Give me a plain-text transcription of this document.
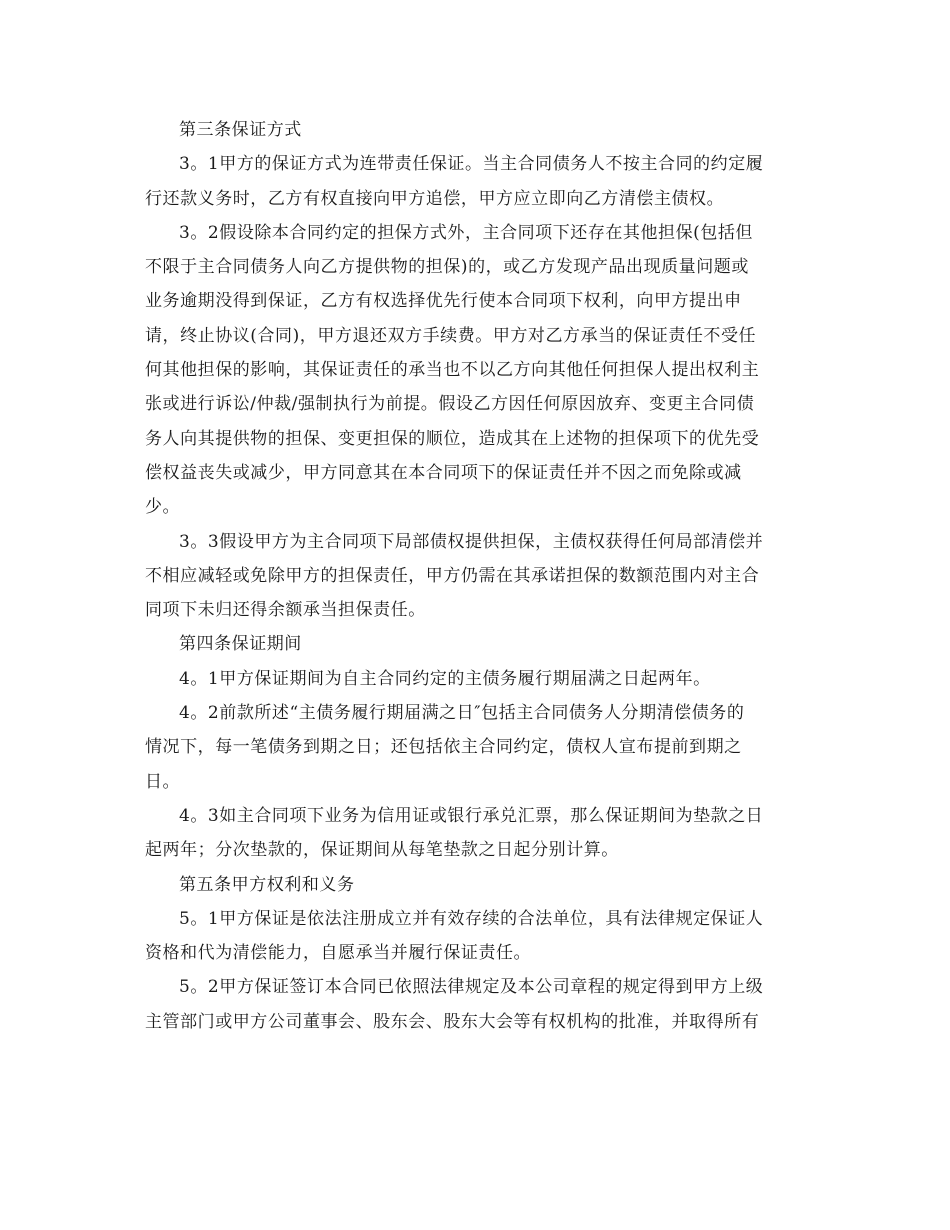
第三条保证方式
3。1甲方的保证方式为连带责任保证。当主合同债务人不按主合同的约定履
行还款义务时，乙方有权直接向甲方追偿，甲方应立即向乙方清偿主债权。
3。2假设除本合同约定的担保方式外，主合同项下还存在其他担保(包括但
不限于主合同债务人向乙方提供物的担保)的，或乙方发现产品出现质量问题或
业务逾期没得到保证，乙方有权选择优先行使本合同项下权利，向甲方提出申
请，终止协议(合同)，甲方退还双方手续费。甲方对乙方承当的保证责任不受任
何其他担保的影响，其保证责任的承当也不以乙方向其他任何担保人提出权利主
张或进行诉讼/仲裁/强制执行为前提。假设乙方因任何原因放弃、变更主合同债
务人向其提供物的担保、变更担保的顺位，造成其在上述物的担保项下的优先受
偿权益丧失或减少，甲方同意其在本合同项下的保证责任并不因之而免除或减
少。
3。3假设甲方为主合同项下局部债权提供担保，主债权获得任何局部清偿并
不相应减轻或免除甲方的担保责任，甲方仍需在其承诺担保的数额范围内对主合
同项下未归还得余额承当担保责任。
第四条保证期间
4。1甲方保证期间为自主合同约定的主债务履行期届满之日起两年。
4。2前款所述“主债务履行期届满之日″包括主合同债务人分期清偿债务的
情况下，每一笔债务到期之日；还包括依主合同约定，债权人宣布提前到期之
日。
4。3如主合同项下业务为信用证或银行承兑汇票，那么保证期间为垫款之日
起两年；分次垫款的，保证期间从每笔垫款之日起分别计算。
第五条甲方权利和义务
5。1甲方保证是依法注册成立并有效存续的合法单位，具有法律规定保证人
资格和代为清偿能力，自愿承当并履行保证责任。
5。2甲方保证签订本合同已依照法律规定及本公司章程的规定得到甲方上级
主管部门或甲方公司董事会、股东会、股东大会等有权机构的批准，并取得所有
